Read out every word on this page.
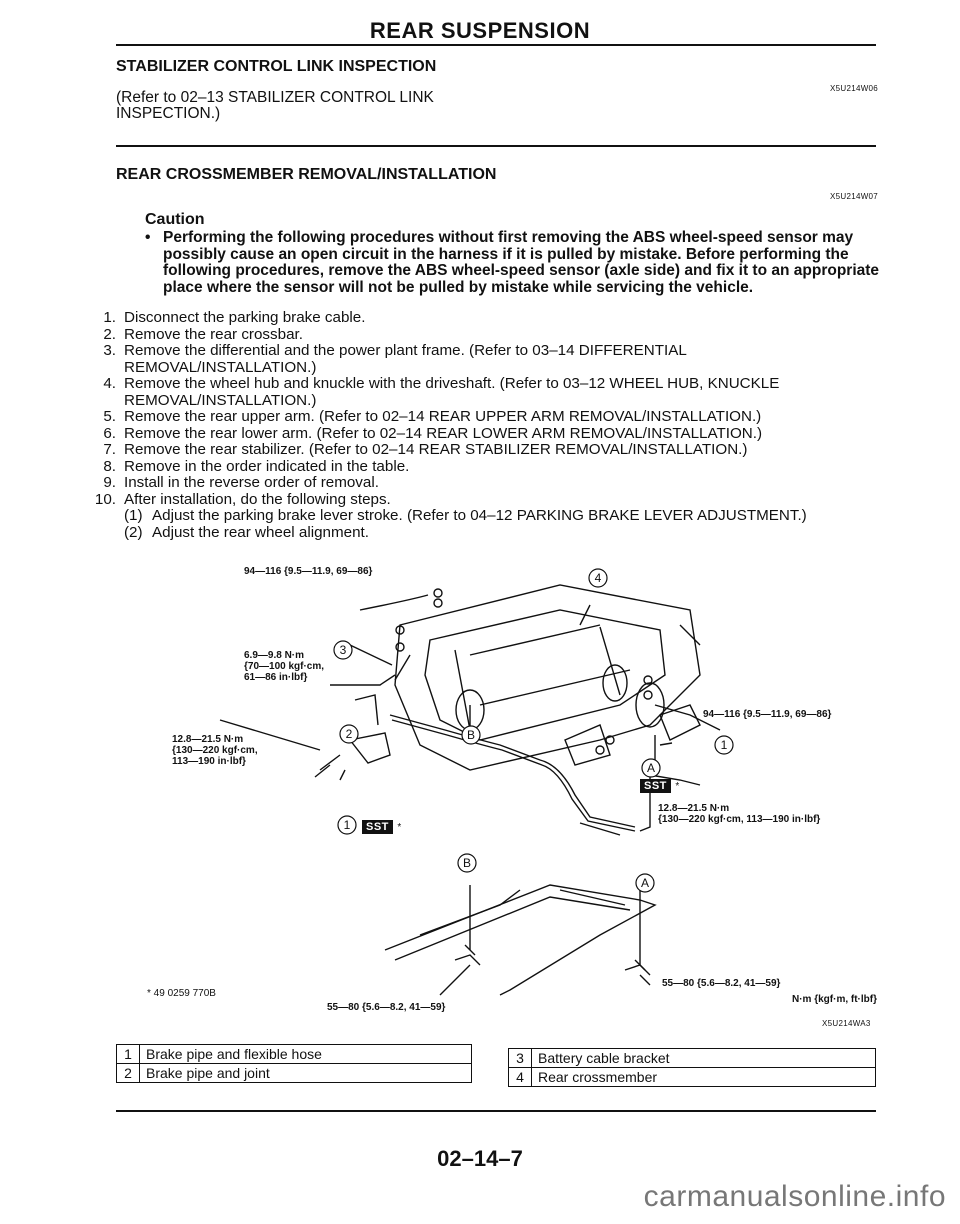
REAR SUSPENSION
STABILIZER CONTROL LINK INSPECTION
X5U214W06
(Refer to 02–13 STABILIZER CONTROL LINK
INSPECTION.)
REAR CROSSMEMBER REMOVAL/INSTALLATION
X5U214W07
Caution
• Performing the following procedures without first removing the ABS wheel-speed sensor may
possibly cause an open circuit in the harness if it is pulled by mistake. Before performing the
following procedures, remove the ABS wheel-speed sensor (axle side) and fix it to an appropriate
place where the sensor will not be pulled by mistake while servicing the vehicle.
1. Disconnect the parking brake cable.
2. Remove the rear crossbar.
3. Remove the differential and the power plant frame. (Refer to 03–14 DIFFERENTIAL
REMOVAL/INSTALLATION.)
4. Remove the wheel hub and knuckle with the driveshaft. (Refer to 03–12 WHEEL HUB, KNUCKLE
REMOVAL/INSTALLATION.)
5. Remove the rear upper arm. (Refer to 02–14 REAR UPPER ARM REMOVAL/INSTALLATION.)
6. Remove the rear lower arm. (Refer to 02–14 REAR LOWER ARM REMOVAL/INSTALLATION.)
7. Remove the rear stabilizer. (Refer to 02–14 REAR STABILIZER REMOVAL/INSTALLATION.)
8. Remove in the order indicated in the table.
9. Install in the reverse order of removal.
10. After installation, do the following steps.
(1) Adjust the parking brake lever stroke. (Refer to 04–12 PARKING BRAKE LEVER ADJUSTMENT.)
(2) Adjust the rear wheel alignment.
4
3
2	B
1
A
1
B
A
94—116 {9.5—11.9, 69—86}
6.9—9.8 N·m
{70—100 kgf·cm,
61—86 in·lbf}
12.8—21.5 N·m
{130—220 kgf·cm,
113—190 in·lbf}
94—116 {9.5—11.9, 69—86}
SST *
12.8—21.5 N·m
{130—220 kgf·cm, 113—190 in·lbf}
SST *
55—80 {5.6—8.2, 41—59}
* 49 0259 770B
55—80 {5.6—8.2, 41—59}
N·m {kgf·m, ft·lbf}
X5U214WA3
1	Brake pipe and flexible hose
2	Brake pipe and joint
3	Battery cable bracket
4	Rear crossmember
02–14–7
carmanualsonline.info
